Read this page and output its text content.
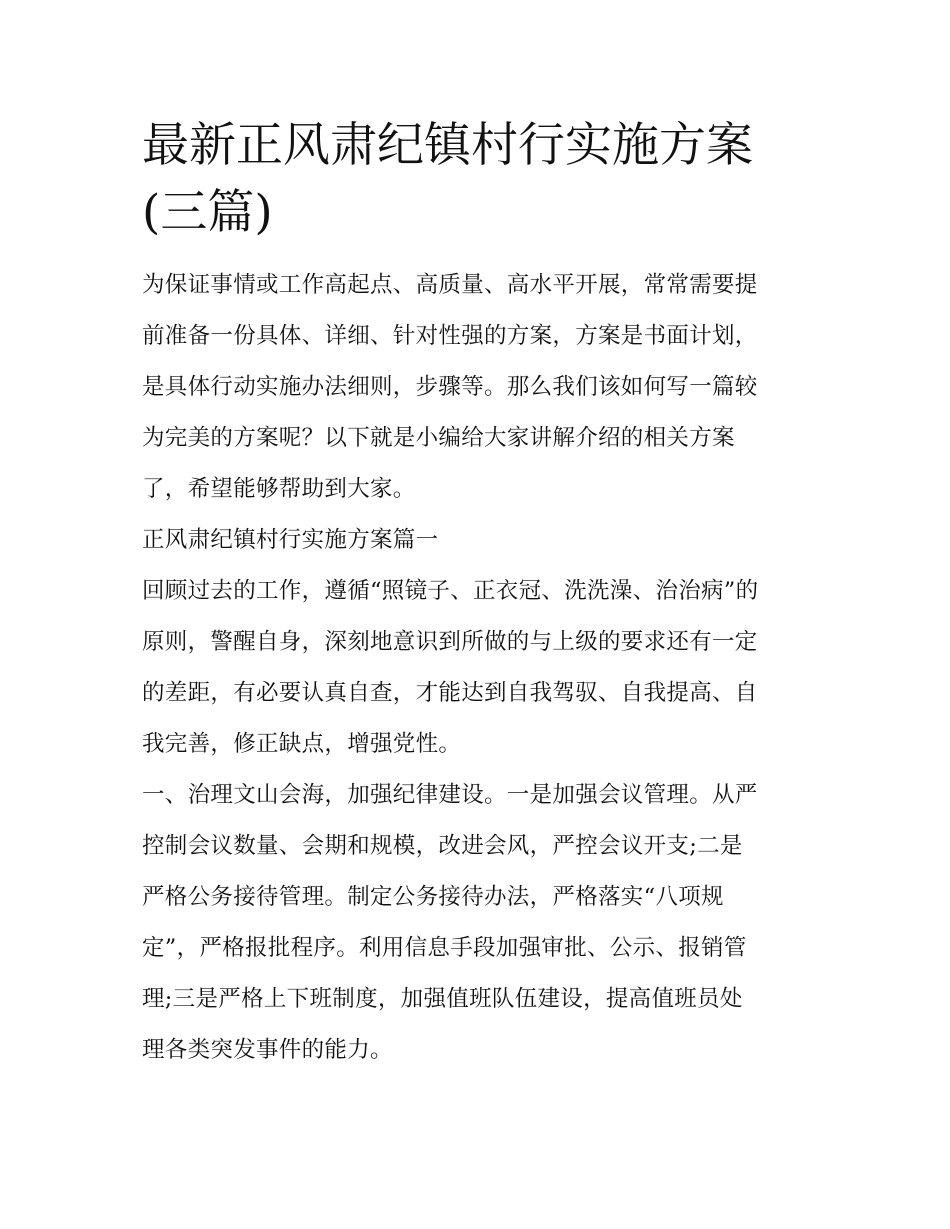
最新正风肃纪镇村行实施方案
(三篇)
为保证事情或工作高起点、高质量、高水平开展，常常需要提
前准备一份具体、详细、针对性强的方案，方案是书面计划，
是具体行动实施办法细则，步骤等。那么我们该如何写一篇较
为完美的方案呢？以下就是小编给大家讲解介绍的相关方案
了，希望能够帮助到大家。
正风肃纪镇村行实施方案篇一
回顾过去的工作，遵循“照镜子、正衣冠、洗洗澡、治治病”的
原则，警醒自身，深刻地意识到所做的与上级的要求还有一定
的差距，有必要认真自查，才能达到自我驾驭、自我提高、自
我完善，修正缺点，增强党性。
一、治理文山会海，加强纪律建设。一是加强会议管理。从严
控制会议数量、会期和规模，改进会风，严控会议开支;二是
严格公务接待管理。制定公务接待办法，严格落实“八项规
定”，严格报批程序。利用信息手段加强审批、公示、报销管
理;三是严格上下班制度，加强值班队伍建设，提高值班员处
理各类突发事件的能力。
